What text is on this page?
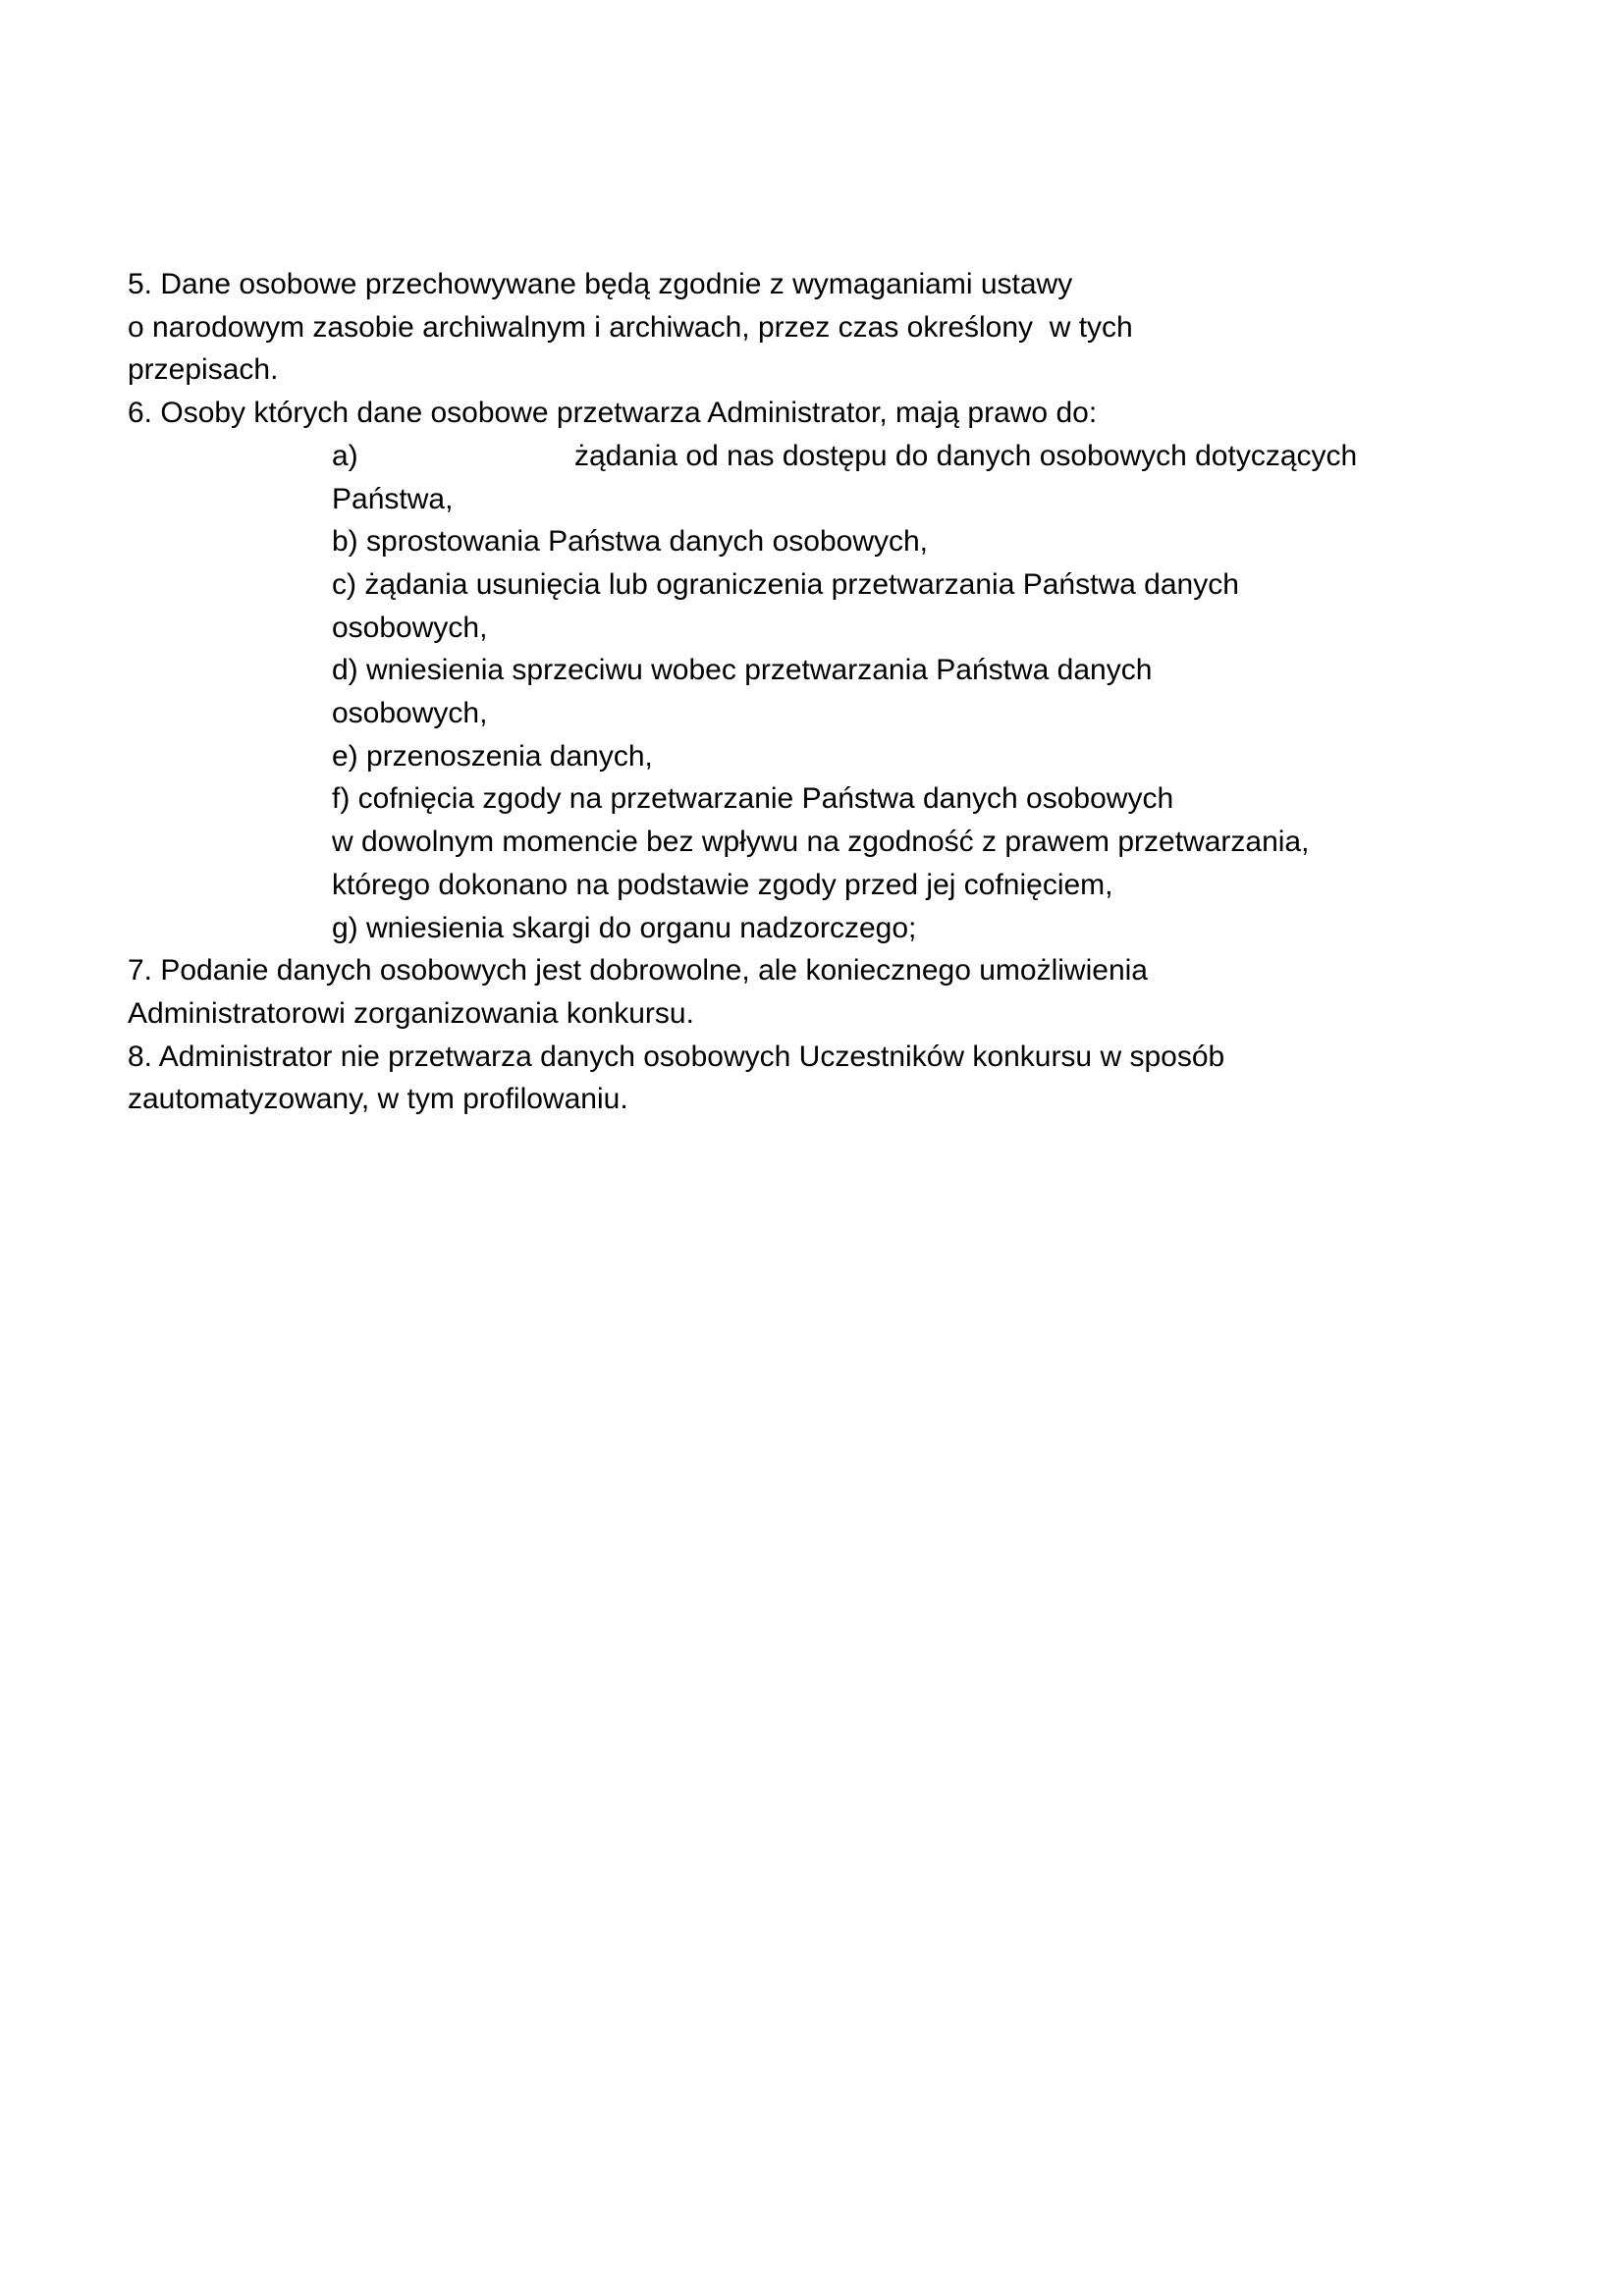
5. Dane osobowe przechowywane będą zgodnie z wymaganiami ustawy
o narodowym zasobie archiwalnym i archiwach, przez czas określony  w tych
przepisach.
6. Osoby których dane osobowe przetwarza Administrator, mają prawo do:
a)	żądania od nas dostępu do danych osobowych dotyczących
Państwa,
b) sprostowania Państwa danych osobowych,
c) żądania usunięcia lub ograniczenia przetwarzania Państwa danych
osobowych,
d) wniesienia sprzeciwu wobec przetwarzania Państwa danych
osobowych,
e) przenoszenia danych,
f) cofnięcia zgody na przetwarzanie Państwa danych osobowych
w dowolnym momencie bez wpływu na zgodność z prawem przetwarzania,
którego dokonano na podstawie zgody przed jej cofnięciem,
g) wniesienia skargi do organu nadzorczego;
7. Podanie danych osobowych jest dobrowolne, ale koniecznego umożliwienia
Administratorowi zorganizowania konkursu.
8. Administrator nie przetwarza danych osobowych Uczestników konkursu w sposób
zautomatyzowany, w tym profilowaniu.
